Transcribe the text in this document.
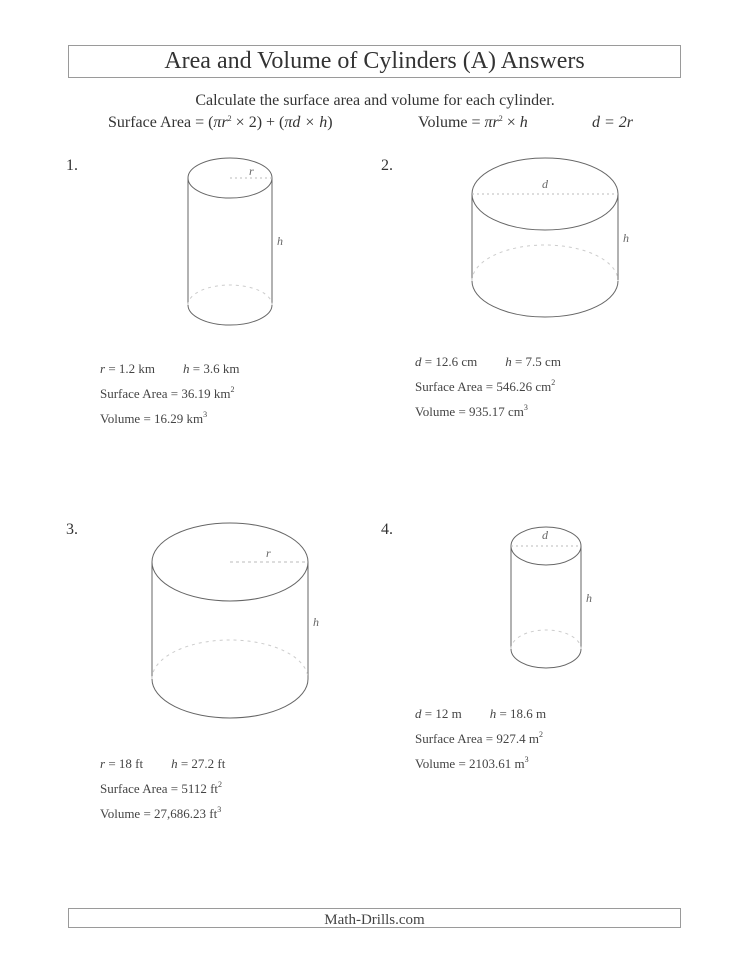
Area and Volume of Cylinders (A) Answers
Calculate the surface area and volume for each cylinder.
Surface Area = $(\pi r^2 \times 2) + (\pi d \times h)$	Volume = $\pi r^2 \times h$	d = 2r
1.	2.
3.	4.
r
h
d
h
r
h
d
h
r = 1.2 km h = 3.6 km
Surface Area = 36.19 $km^2$
Volume = 16.29 $km^3$
d = 12.6 cm h = 7.5 cm
Surface Area = 546.26 $cm^2$
Volume = 935.17 $cm^3$
r = 18 ft h = 27.2 ft
Surface Area = 5112 $ft^2$
Volume = 27,686.23 $ft^3$
d = 12 m h = 18.6 m
Surface Area = 927.4 $m^2$
Volume = 2103.61 $m^3$
Math-Drills.com
